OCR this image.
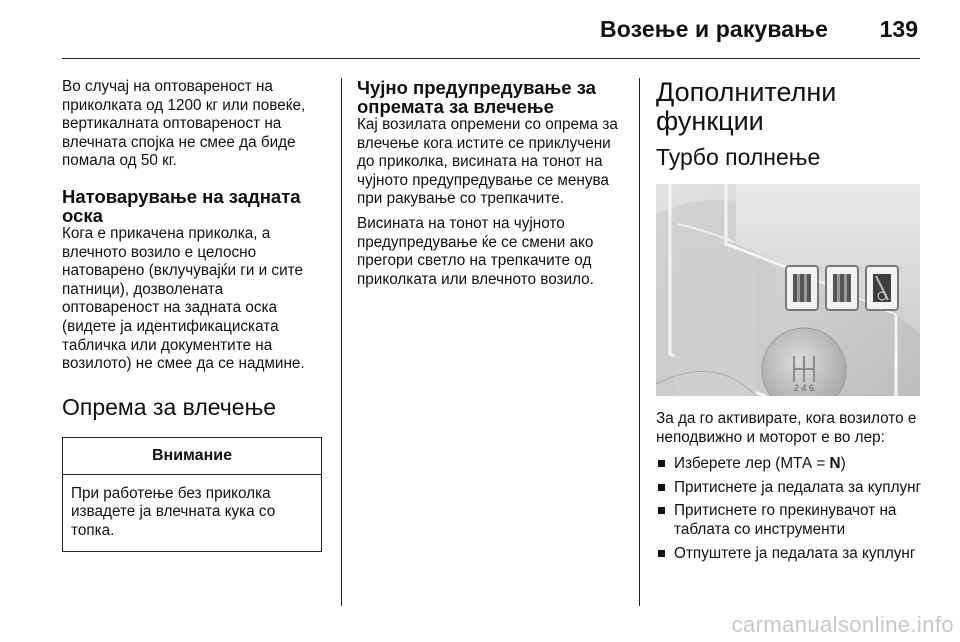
Возење и ракување 139

Во случај на оптовареност на приколката од 1200 кг или повеќе, вертикалната оптовареност на влечната спојка не смее да биде помала од 50 кг.

Натоварување на задната оска

Кога е прикачена приколка, а влечното возило е целосно натоварено (вклучувајќи ги и сите патници), дозволената оптовареност на задната оска (видете ја идентификациската табличка или документите на возилото) не смее да се надмине.

Опрема за влечење
Внимание

При работење без приколка извадете ја влечната кука со топка.

Чујно предупредување за опремата за влечење

Кај возилата опремени со опрема за влечење кога истите се приклучени до приколка, висината на тонот на чујното предупредување се менува при ракување со трепкачите.

Висината на тонот на чујното предупредување ќе се смени ако прегори светло на трепкачите од приколката или влечното возило.

Дополнителни функции
Турбо полнење
2 4 6

За да го активирате, кога возилото е неподвижно и моторот е во лер:

Изберете лер (МТА = N)
Притиснете ја педалата за куплунг
Притиснете го прекинувачот на таблата со инструменти
Отпуштете ја педалата за куплунг
carmanualsonline.info
